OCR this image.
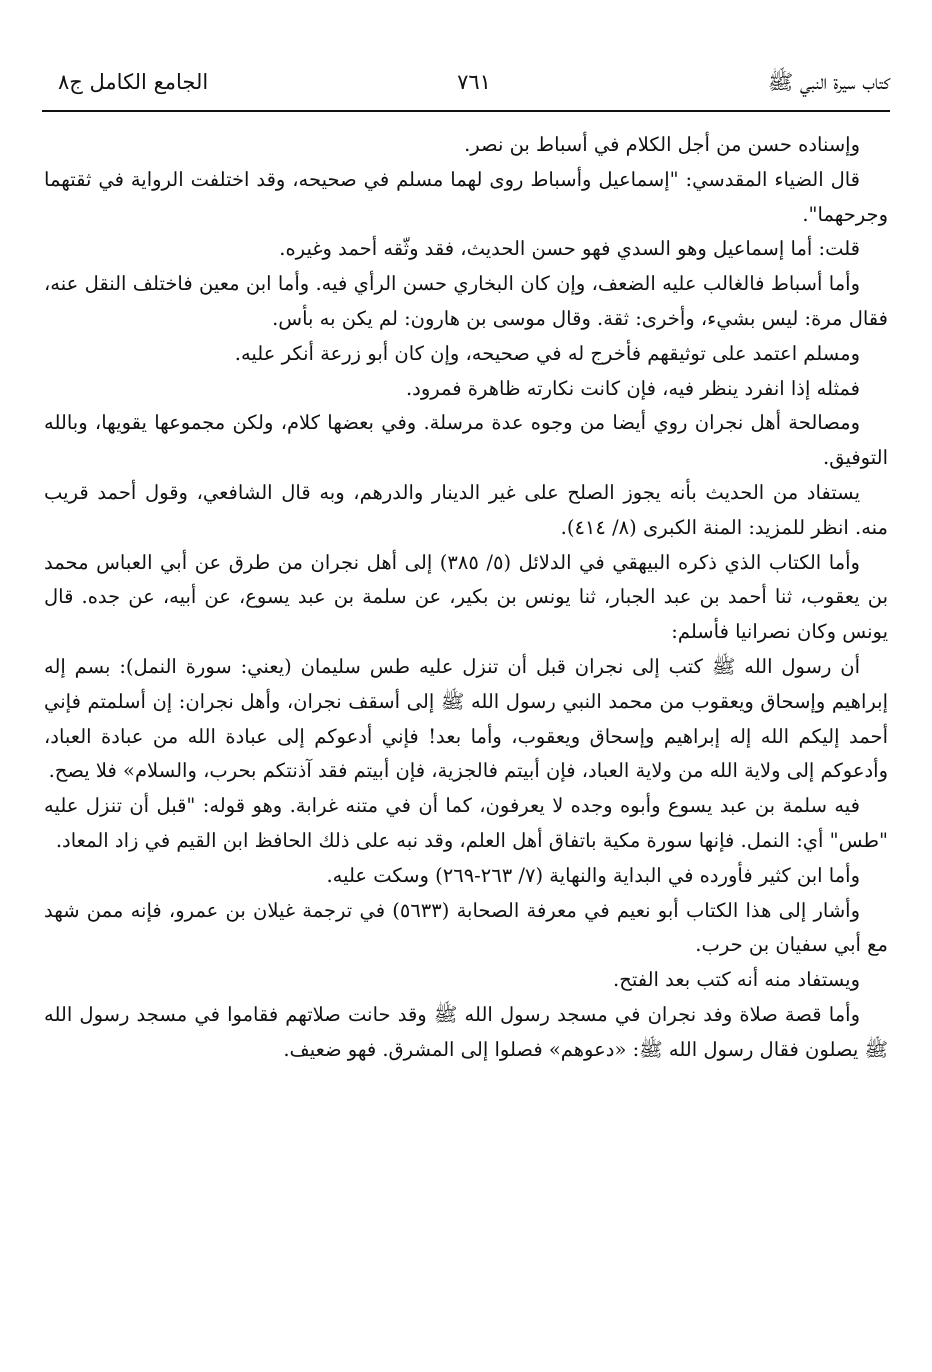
كتاب سيرة النبي ﷺ
٧٦١
الجامع الكامل ج٨

وإسناده حسن من أجل الكلام في أسباط بن نصر.

قال الضياء المقدسي: "إسماعيل وأسباط روى لهما مسلم في صحيحه، وقد اختلفت الرواية في ثقتهما وجرحهما".

قلت: أما إسماعيل وهو السدي فهو حسن الحديث، فقد وثّقه أحمد وغيره.

وأما أسباط فالغالب عليه الضعف، وإن كان البخاري حسن الرأي فيه. وأما ابن معين فاختلف النقل عنه، فقال مرة: ليس بشيء، وأخرى: ثقة. وقال موسى بن هارون: لم يكن به بأس.

ومسلم اعتمد على توثيقهم فأخرج له في صحيحه، وإن كان أبو زرعة أنكر عليه.

فمثله إذا انفرد ينظر فيه، فإن كانت نكارته ظاهرة فمرود.

ومصالحة أهل نجران روي أيضا من وجوه عدة مرسلة. وفي بعضها كلام، ولكن مجموعها يقويها، وبالله التوفيق.

يستفاد من الحديث بأنه يجوز الصلح على غير الدينار والدرهم، وبه قال الشافعي، وقول أحمد قريب منه. انظر للمزيد: المنة الكبرى (٨/ ٤١٤).

وأما الكتاب الذي ذكره البيهقي في الدلائل (٥/ ٣٨٥) إلى أهل نجران من طرق عن أبي العباس محمد بن يعقوب، ثنا أحمد بن عبد الجبار، ثنا يونس بن بكير، عن سلمة بن عبد يسوع، عن أبيه، عن جده. قال يونس وكان نصرانيا فأسلم:

أن رسول الله ﷺ كتب إلى نجران قبل أن تنزل عليه طس سليمان (يعني: سورة النمل): بسم إله إبراهيم وإسحاق ويعقوب من محمد النبي رسول الله ﷺ إلى أسقف نجران، وأهل نجران: إن أسلمتم فإني أحمد إليكم الله إله إبراهيم وإسحاق ويعقوب، وأما بعد! فإني أدعوكم إلى عبادة الله من عبادة العباد، وأدعوكم إلى ولاية الله من ولاية العباد، فإن أبيتم فالجزية، فإن أبيتم فقد آذنتكم بحرب، والسلام» فلا يصح.

فيه سلمة بن عبد يسوع وأبوه وجده لا يعرفون، كما أن في متنه غرابة. وهو قوله: "قبل أن تنزل عليه "طس" أي: النمل. فإنها سورة مكية باتفاق أهل العلم، وقد نبه على ذلك الحافظ ابن القيم في زاد المعاد.

وأما ابن كثير فأورده في البداية والنهاية (٧/ ٢٦٣-٢٦٩) وسكت عليه.

وأشار إلى هذا الكتاب أبو نعيم في معرفة الصحابة (٥٦٣٣) في ترجمة غيلان بن عمرو، فإنه ممن شهد مع أبي سفيان بن حرب.

ويستفاد منه أنه كتب بعد الفتح.

وأما قصة صلاة وفد نجران في مسجد رسول الله ﷺ وقد حانت صلاتهم فقاموا في مسجد رسول الله ﷺ يصلون فقال رسول الله ﷺ: «دعوهم» فصلوا إلى المشرق. فهو ضعيف.
